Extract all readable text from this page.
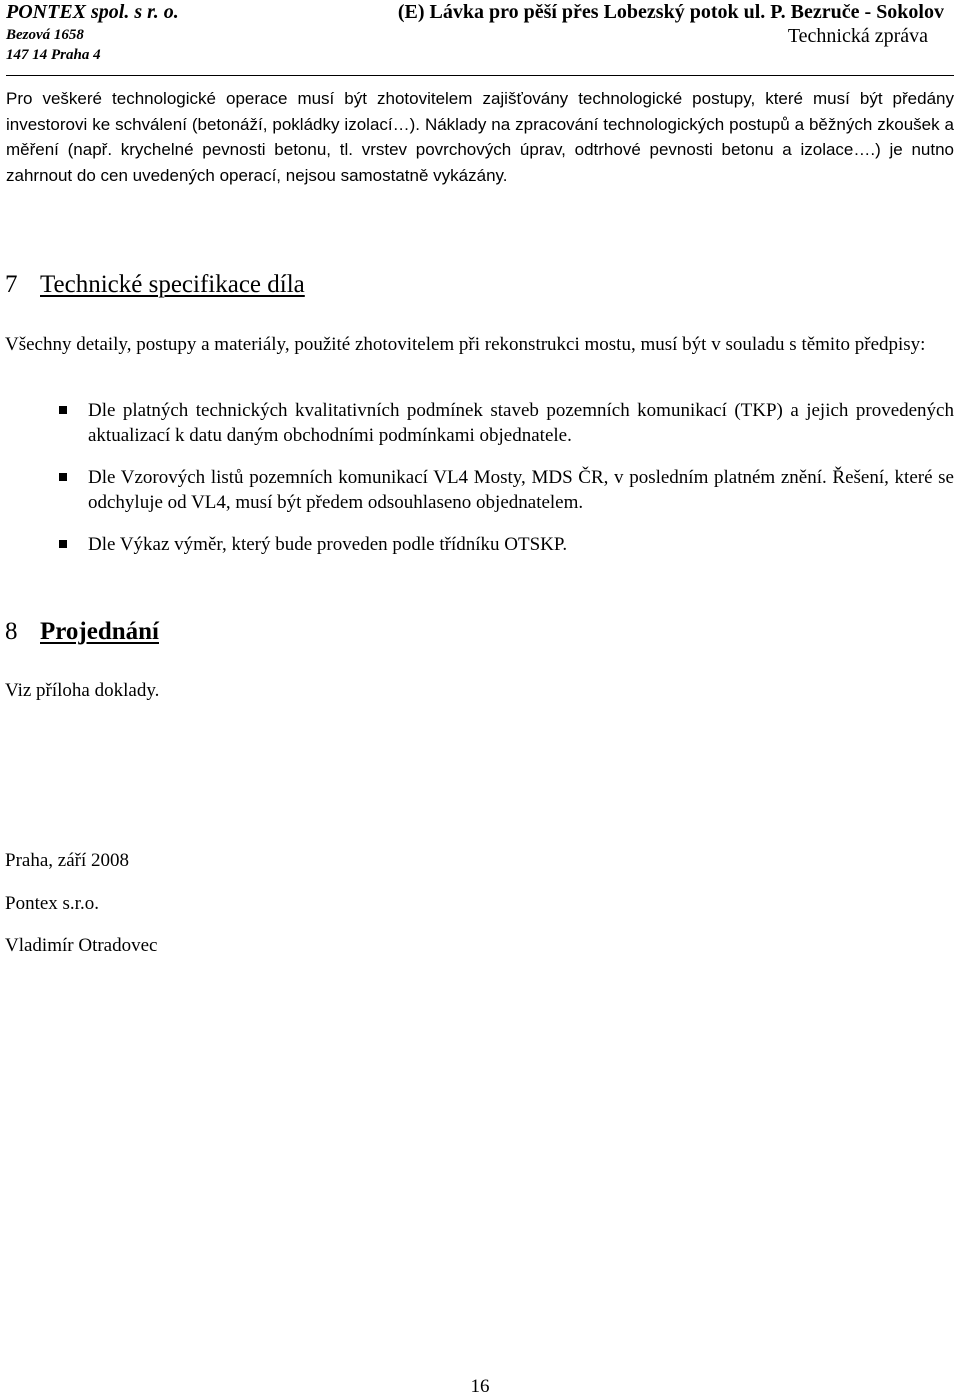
PONTEX spol. s r. o.
Bezová 1658
147 14 Praha 4
(E) Lávka pro pěší přes Lobezský potok ul. P. Bezruče - Sokolov
Technická zpráva

Pro veškeré technologické operace musí být zhotovitelem zajišťovány technologické postupy, které musí být předány investorovi ke schválení (betonáží, pokládky izolací…). Náklady na zpracování technologických postupů a běžných zkoušek a měření (např. krychelné pevnosti betonu, tl. vrstev povrchových úprav, odtrhové pevnosti betonu a izolace….) je nutno zahrnout do cen uvedených operací, nejsou samostatně vykázány.

7 Technické specifikace díla

Všechny detaily, postupy a materiály, použité zhotovitelem při rekonstrukci mostu, musí být v souladu s těmito předpisy:

Dle platných technických kvalitativních podmínek staveb pozemních komunikací (TKP) a jejich provedených aktualizací k datu daným obchodními podmínkami objednatele.
Dle Vzorových listů pozemních komunikací VL4 Mosty, MDS ČR, v posledním platném znění. Řešení, které se odchyluje od VL4, musí být předem odsouhlaseno objednatelem.
Dle Výkaz výměr, který bude proveden podle třídníku OTSKP.
8 Projednání

Viz příloha doklady.

Praha, září 2008

Pontex s.r.o.

Vladimír Otradovec

16
